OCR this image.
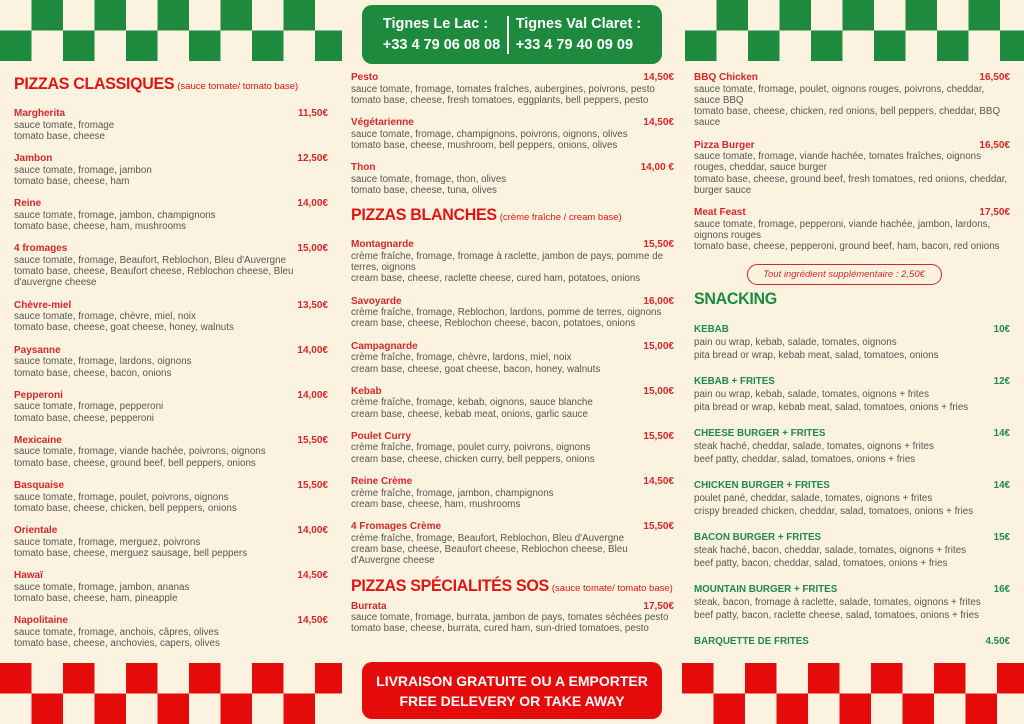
Tignes Le Lac :
+33 4 79 06 08 08
Tignes Val Claret :
+33 4 79 40 09 09
LIVRAISON GRATUITE OU A EMPORTER
FREE DELEVERY OR TAKE AWAY
PIZZAS CLASSIQUES (sauce tomate/ tomato base)
Margherita	11,50€
sauce tomate, fromage
tomato base, cheese
Jambon	12,50€
sauce tomate, fromage, jambon
tomato base, cheese, ham
Reine	14,00€
sauce tomate, fromage, jambon, champignons
tomato base, cheese, ham, mushrooms
4 fromages	15,00€
sauce tomate, fromage, Beaufort, Reblochon, Bleu d'Auvergne
tomato base, cheese, Beaufort cheese, Reblochon cheese, Bleu d'auvergne cheese
Chèvre-miel	13,50€
sauce tomate, fromage, chèvre, miel, noix
tomato base, cheese, goat cheese, honey, walnuts
Paysanne	14,00€
sauce tomate, fromage, lardons, oignons
tomato base, cheese, bacon, onions
Pepperoni	14,00€
sauce tomate, fromage, pepperoni
tomato base, cheese, pepperoni
Mexicaine	15,50€
sauce tomate, fromage, viande hachée, poivrons, oignons
tomato base, cheese, ground beef, bell peppers, onions
Basquaise	15,50€
sauce tomate, fromage, poulet, poivrons, oignons
tomato base, cheese, chicken, bell peppers, onions
Orientale	14,00€
sauce tomate, fromage, merguez, poivrons
tomato base, cheese, merguez sausage, bell peppers
Hawaï	14,50€
sauce tomate, fromage, jambon, ananas
tomato base, cheese, ham, pineapple
Napolitaine	14,50€
sauce tomate, fromage, anchois, câpres, olives
tomato base, cheese, anchovies, capers, olives
Pesto	14,50€
sauce tomate, fromage, tomates fraîches, aubergines, poivrons, pesto
tomato base, cheese, fresh tomatoes, eggplants, bell peppers, pesto
Végétarienne	14,50€
sauce tomate, fromage, champignons, poivrons, oignons, olives
tomato base, cheese, mushroom, bell peppers, onions, olives
Thon	14,00 €
sauce tomate, fromage, thon, olives
tomato base, cheese, tuna, olives
PIZZAS BLANCHES (crème fraîche / cream base)
Montagnarde	15,50€
crème fraîche, fromage, fromage à raclette, jambon de pays, pomme de terres, oignons
cream base, cheese, raclette cheese, cured ham, potatoes, onions
Savoyarde	16,00€
crème fraîche, fromage, Reblochon, lardons, pomme de terres, oignons
cream base, cheese, Reblochon cheese, bacon, potatoes, onions
Campagnarde	15,00€
crème fraîche, fromage, chèvre, lardons, miel, noix
cream base, cheese, goat cheese, bacon, honey, walnuts
Kebab	15,00€
crème fraîche, fromage, kebab, oignons, sauce blanche
cream base, cheese, kebab meat, onions, garlic sauce
Poulet Curry	15,50€
crème fraîche, fromage, poulet curry, poivrons, oignons
cream base, cheese, chicken curry, bell peppers, onions
Reine Crème	14,50€
crème fraîche, fromage, jambon, champignons
cream base, cheese, ham, mushrooms
4 Fromages Crème	15,50€
crème fraîche, fromage, Beaufort, Reblochon, Bleu d'Auvergne
cream base, cheese, Beaufort cheese, Reblochon cheese, Bleu d'Auvergne cheese
PIZZAS SPÉCIALITÉS SOS (sauce tomate/ tomato base)
Burrata	17,50€
sauce tomate, fromage, burrata, jambon de pays, tomates séchées pesto
tomato base, cheese, burrata, cured ham, sun-dried tomatoes, pesto
BBQ Chicken	16,50€
sauce tomate, fromage, poulet, oignons rouges, poivrons, cheddar, sauce BBQ
tomato base, cheese, chicken, red onions, bell peppers, cheddar, BBQ sauce
Pizza Burger	16,50€
sauce tomate, fromage, viande hachée, tomates fraîches, oignons rouges, cheddar, sauce burger
tomato base, cheese, ground beef, fresh tomatoes, red onions, cheddar, burger sauce
Meat Feast	17,50€
sauce tomate, fromage, pepperoni, viande hachée, jambon, lardons, oignons rouges
tomato base, cheese, pepperoni, ground beef, ham, bacon, red onions
Tout ingrédient supplémentaire : 2,50€
SNACKING
KEBAB	10€
pain ou wrap, kebab, salade, tomates, oignons
pita bread or wrap, kebab meat, salad, tomatoes, onions
KEBAB + FRITES	12€
pain ou wrap, kebab, salade, tomates, oignons + frites
pita bread or wrap, kebab meat, salad, tomatoes, onions + fries
CHEESE BURGER + FRITES	14€
steak haché, cheddar, salade, tomates, oignons + frites
beef patty, cheddar, salad, tomatoes, onions + fries
CHICKEN BURGER + FRITES	14€
poulet pané, cheddar, salade, tomates, oignons + frites
crispy breaded chicken, cheddar, salad, tomatoes, onions + fries
BACON BURGER + FRITES	15€
steak haché, bacon, cheddar, salade, tomates, oignons + frites
beef patty, bacon, cheddar, salad, tomatoes, onions + fries
MOUNTAIN BURGER + FRITES	16€
steak, bacon, fromage à raclette, salade, tomates, oignons + frites
beef patty, bacon, raclette cheese, salad, tomatoes, onions + fries
BARQUETTE DE FRITES	4.50€
